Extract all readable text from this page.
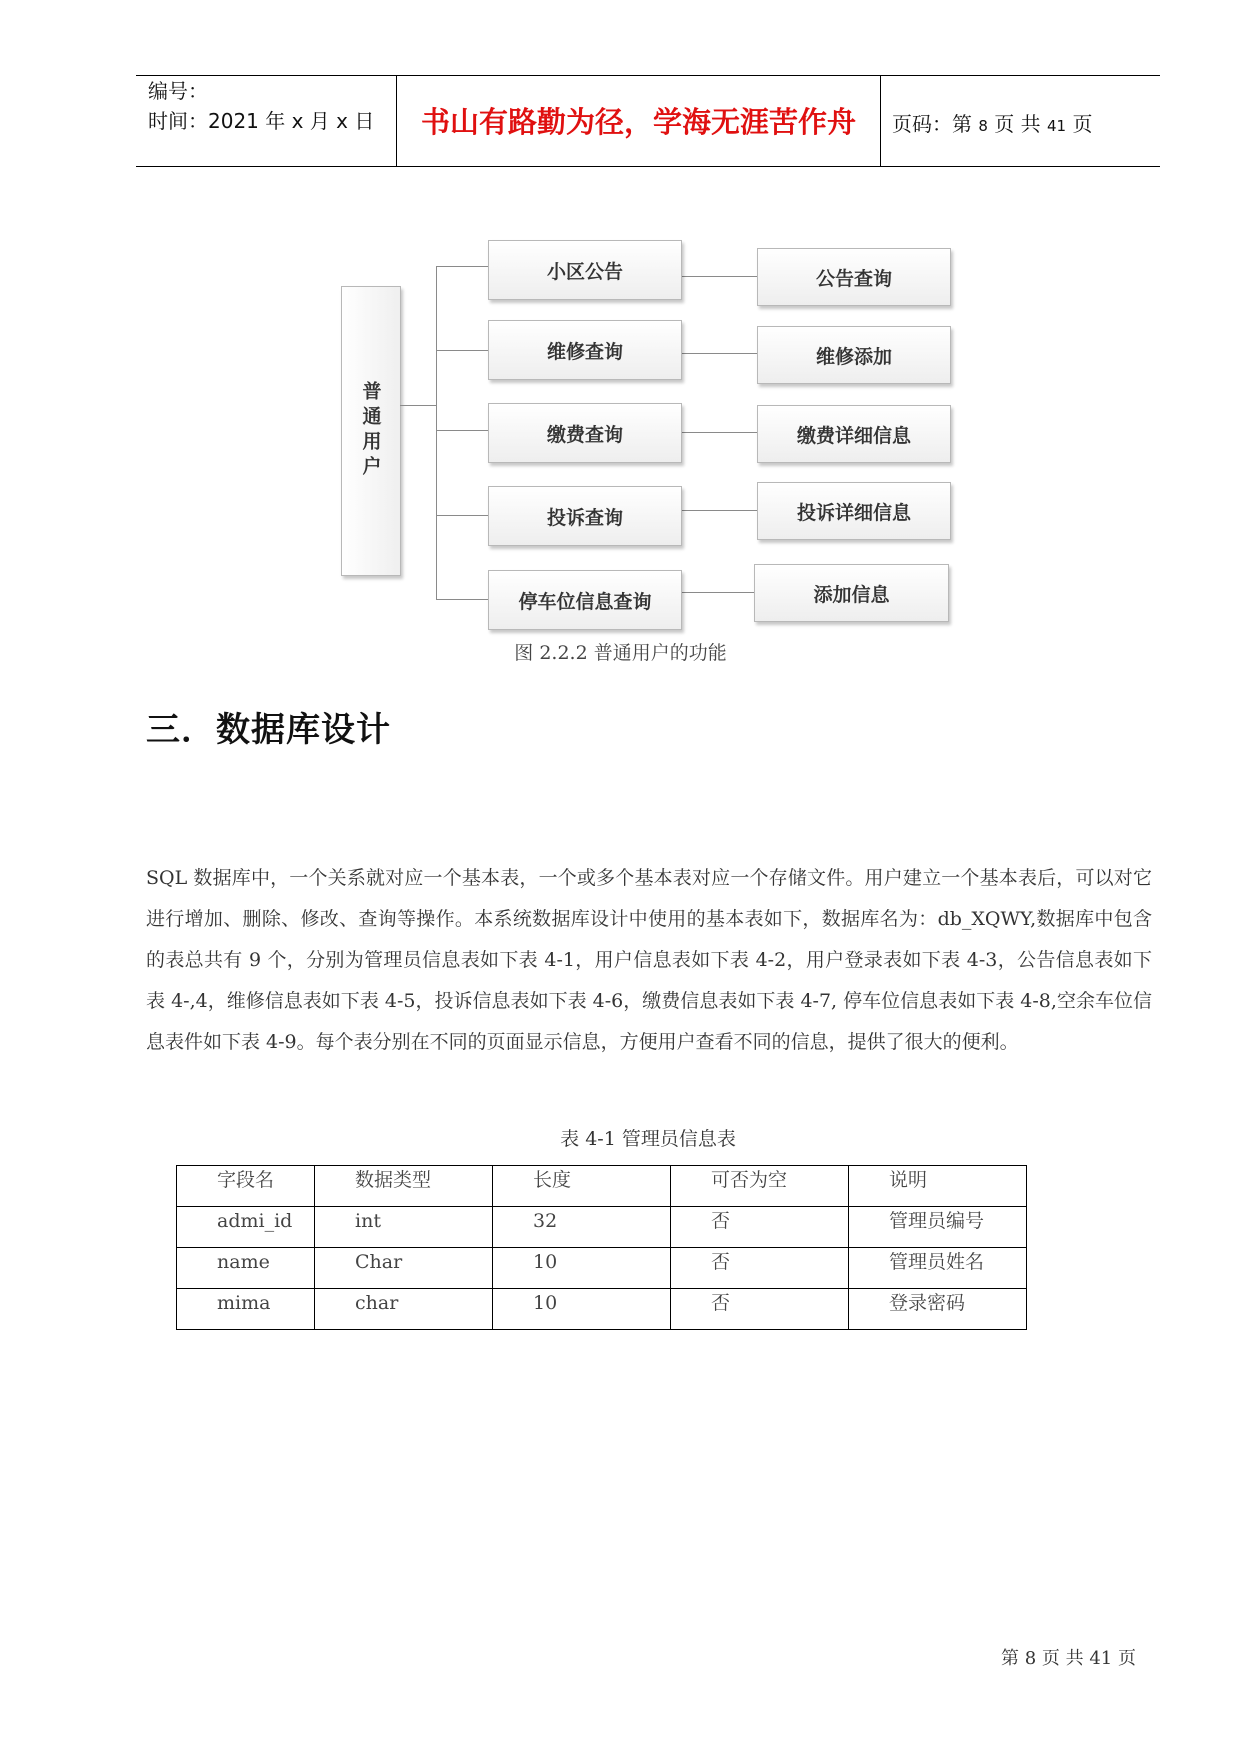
编号：
时间：2021 年 x 月 x 日	书山有路勤为径，学海无涯苦作舟	页码：第 8 页 共 41 页
普通用户
小区公告
维修查询
缴费查询
投诉查询
停车位信息查询
公告查询
维修添加
缴费详细信息
投诉详细信息
添加信息
图 2.2.2 普通用户的功能
三．数据库设计
SQL 数据库中，一个关系就对应一个基本表，一个或多个基本表对应一个存储文件。用户建立一个基本表后，可以对它进行增加、删除、修改、查询等操作。本系统数据库设计中使用的基本表如下，数据库名为：db_XQWY,数据库中包含的表总共有 9 个，分别为管理员信息表如下表 4-1，用户信息表如下表 4-2，用户登录表如下表 4-3，公告信息表如下表 4-,4，维修信息表如下表 4-5，投诉信息表如下表 4-6，缴费信息表如下表 4-7, 停车位信息表如下表 4-8,空余车位信息表件如下表 4-9。每个表分别在不同的页面显示信息，方便用户查看不同的信息，提供了很大的便利。
表 4-1 管理员信息表
字段名	数据类型	长度	可否为空	说明
admi_id	int	32	否	管理员编号
name	Char	10	否	管理员姓名
mima	char	10	否	登录密码
第 8 页 共 41 页
